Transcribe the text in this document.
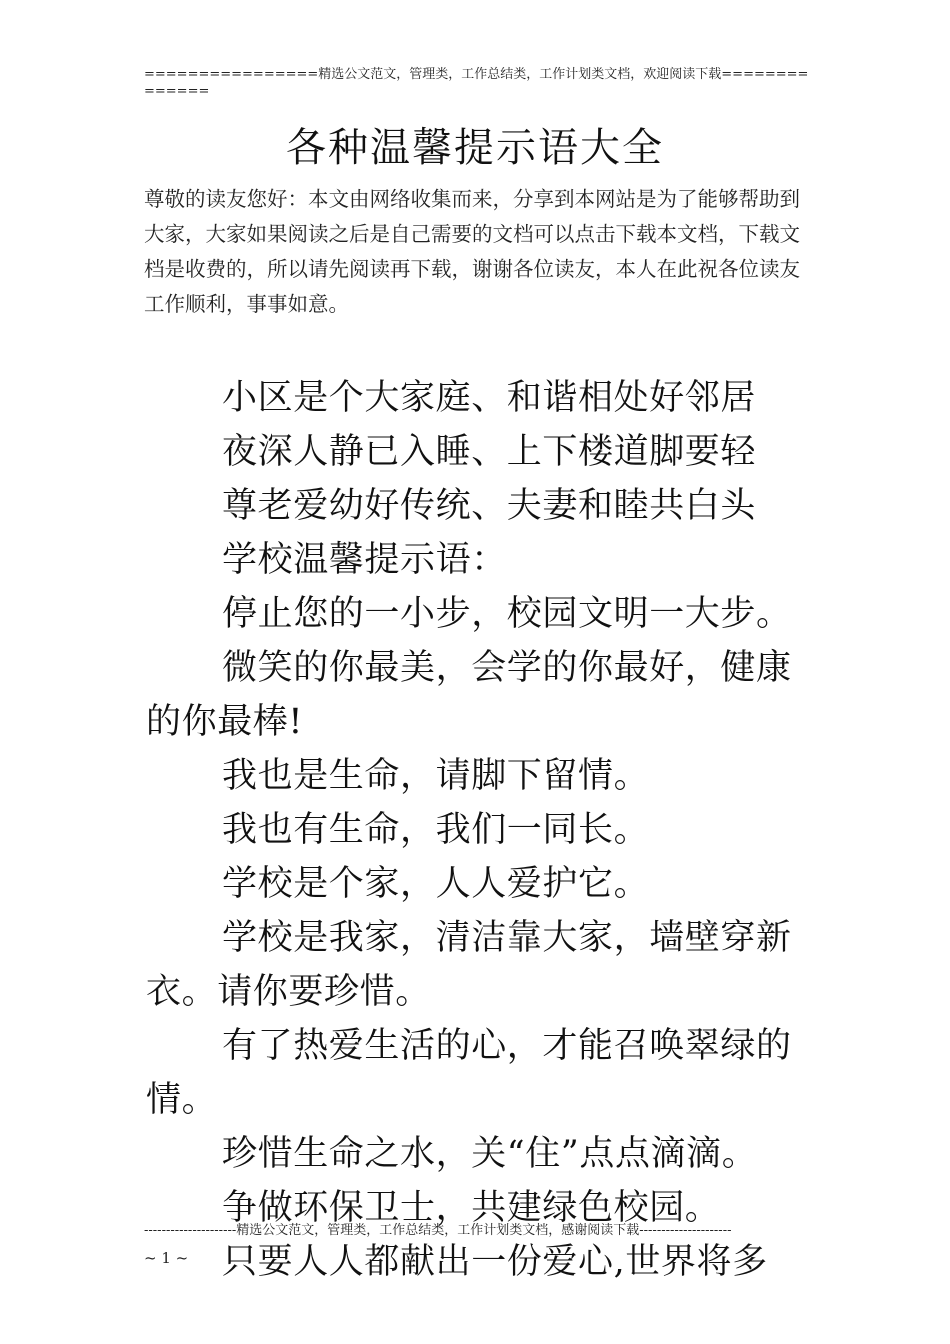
================精选公文范文，管理类，工作总结类，工作计划类文档，欢迎阅读下载==============
各种温馨提示语大全
尊敬的读友您好：本文由网络收集而来，分享到本网站是为了能够帮助到大家，大家如果阅读之后是自己需要的文档可以点击下载本文档，下载文档是收费的，所以请先阅读再下载，谢谢各位读友，本人在此祝各位读友工作顺利，事事如意。

小区是个大家庭、和谐相处好邻居

夜深人静已入睡、上下楼道脚要轻

尊老爱幼好传统、夫妻和睦共白头

学校温馨提示语：

停止您的一小步，校园文明一大步。

微笑的你最美，会学的你最好，健康的你最棒!

我也是生命，请脚下留情。

我也有生命，我们一同长。

学校是个家，人人爱护它。

学校是我家，清洁靠大家，墙壁穿新衣。请你要珍惜。

有了热爱生活的心，才能召唤翠绿的情。

珍惜生命之水，关“住”点点滴滴。

争做环保卫士，共建绿色校园。

只要人人都献出一份爱心,世界将多

---------------------精选公文范文，管理类，工作总结类，工作计划类文档，感谢阅读下载---------------------
~ 1 ~
